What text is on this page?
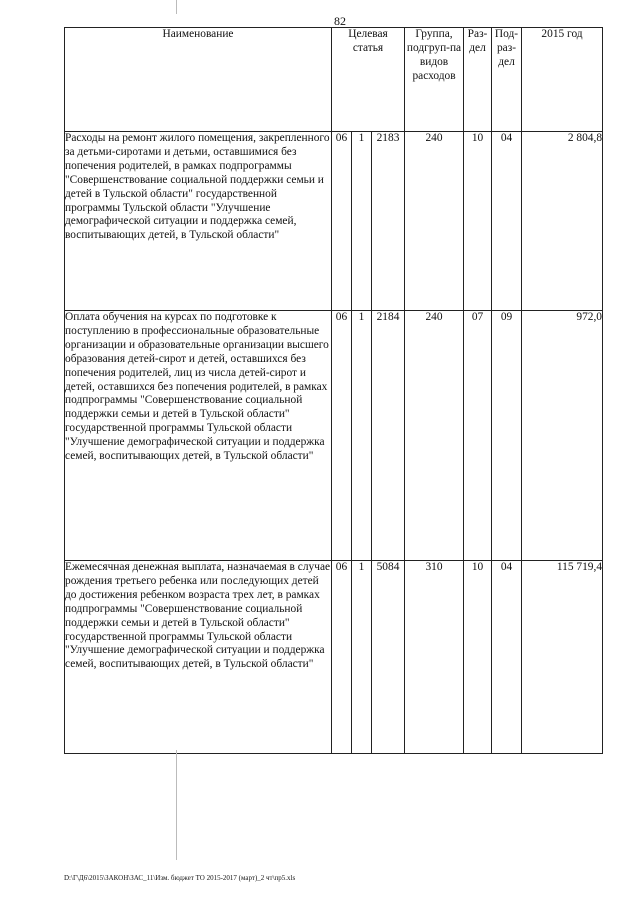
82
Наименование	Целевая статья			Группа, подгруп-па видов расходов	Раз-дел	Под-раз-дел	2015 год
Расходы на ремонт жилого помещения, закрепленного за детьми-сиротами и детьми, оставшимися без попечения родителей, в рамках подпрограммы "Совершенствование социальной поддержки семьи и детей в Тульской области" государственной программы Тульской области "Улучшение демографической ситуации и поддержка семей, воспитывающих детей, в Тульской области"	06	1	2183	240	10	04	2 804,8
Оплата обучения на курсах по подготовке к поступлению в профессиональные образовательные организации и образовательные организации высшего образования детей-сирот и детей, оставшихся без попечения родителей, лиц из числа детей-сирот и детей, оставшихся без попечения родителей, в рамках подпрограммы "Совершенствование социальной поддержки семьи и детей в Тульской области" государственной программы Тульской области "Улучшение демографической ситуации и поддержка семей, воспитывающих детей, в Тульской области"	06	1	2184	240	07	09	972,0
Ежемесячная денежная выплата, назначаемая в случае рождения третьего ребенка или последующих детей до достижения ребенком возраста трех лет, в рамках подпрограммы "Совершенствование социальной поддержки семьи и детей в Тульской области" государственной программы Тульской области "Улучшение демографической ситуации и поддержка семей, воспитывающих детей, в Тульской области"	06	1	5084	310	10	04	115 719,4
D:\Г\Д6\2015\ЗАКОН\ЗАС_11\Изм. бюджет ТО 2015-2017 (март)_2 чт\пр5.xls
